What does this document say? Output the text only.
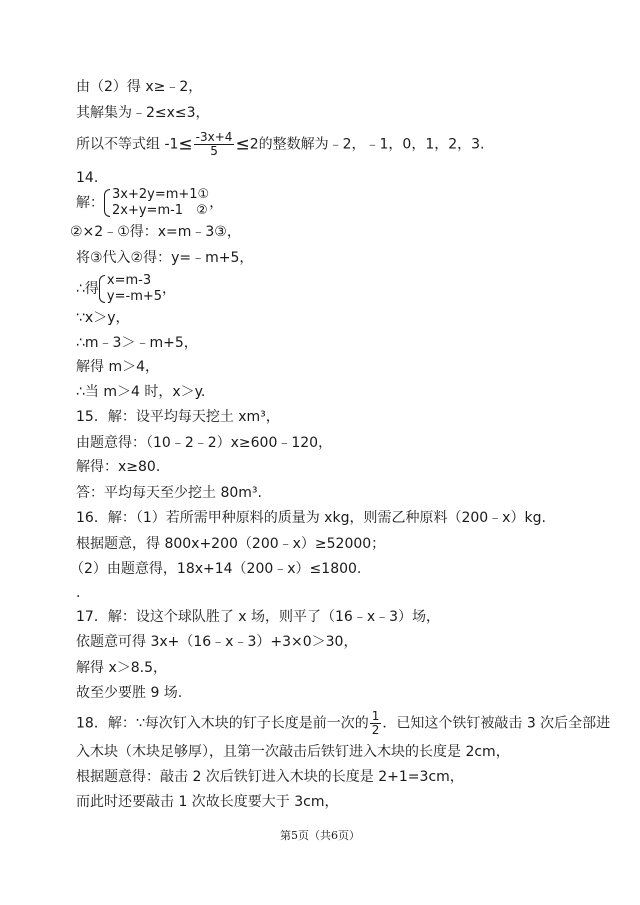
由（2）得 x≥﹣2，
其解集为﹣2≤x≤3，
所以不等式组 $-1\le \frac{-3x+4}{5} \le 2$的整数解为﹣2，﹣1，0，1，2，3.
14.
解：
3x+2y=m+1①
2x+y=m-1　② ，
②×2﹣①得：x=m﹣3③，
将③代入②得：y=﹣m+5，
∴得
x=m-3
y=-m+5 ，
∵x＞y，
∴m﹣3＞﹣m+5，
解得 m＞4，
∴当 m＞4 时，x＞y.
15．解：设平均每天挖土 xm³，
由题意得：（10﹣2﹣2）x≥600﹣120，
解得：x≥80.
答：平均每天至少挖土 80m³.
16．解：（1）若所需甲种原料的质量为 xkg，则需乙种原料（200﹣x）kg.
根据题意，得 800x+200（200﹣x）≥52000；
（2）由题意得，18x+14（200﹣x）≤1800.
.
17．解：设这个球队胜了 x 场，则平了（16﹣x﹣3）场，
依题意可得 3x+（16﹣x﹣3）+3×0＞30，
解得 x＞8.5，
故至少要胜 9 场.
18．解：∵每次钉入木块的钉子长度是前一次的 $\frac{1}{2}$ ．已知这个铁钉被敲击 3 次后全部进
入木块（木块足够厚），且第一次敲击后铁钉进入木块的长度是 2cm，
根据题意得：敲击 2 次后铁钉进入木块的长度是 2+1=3cm，
而此时还要敲击 1 次故长度要大于 3cm，
第5页（共6页）
